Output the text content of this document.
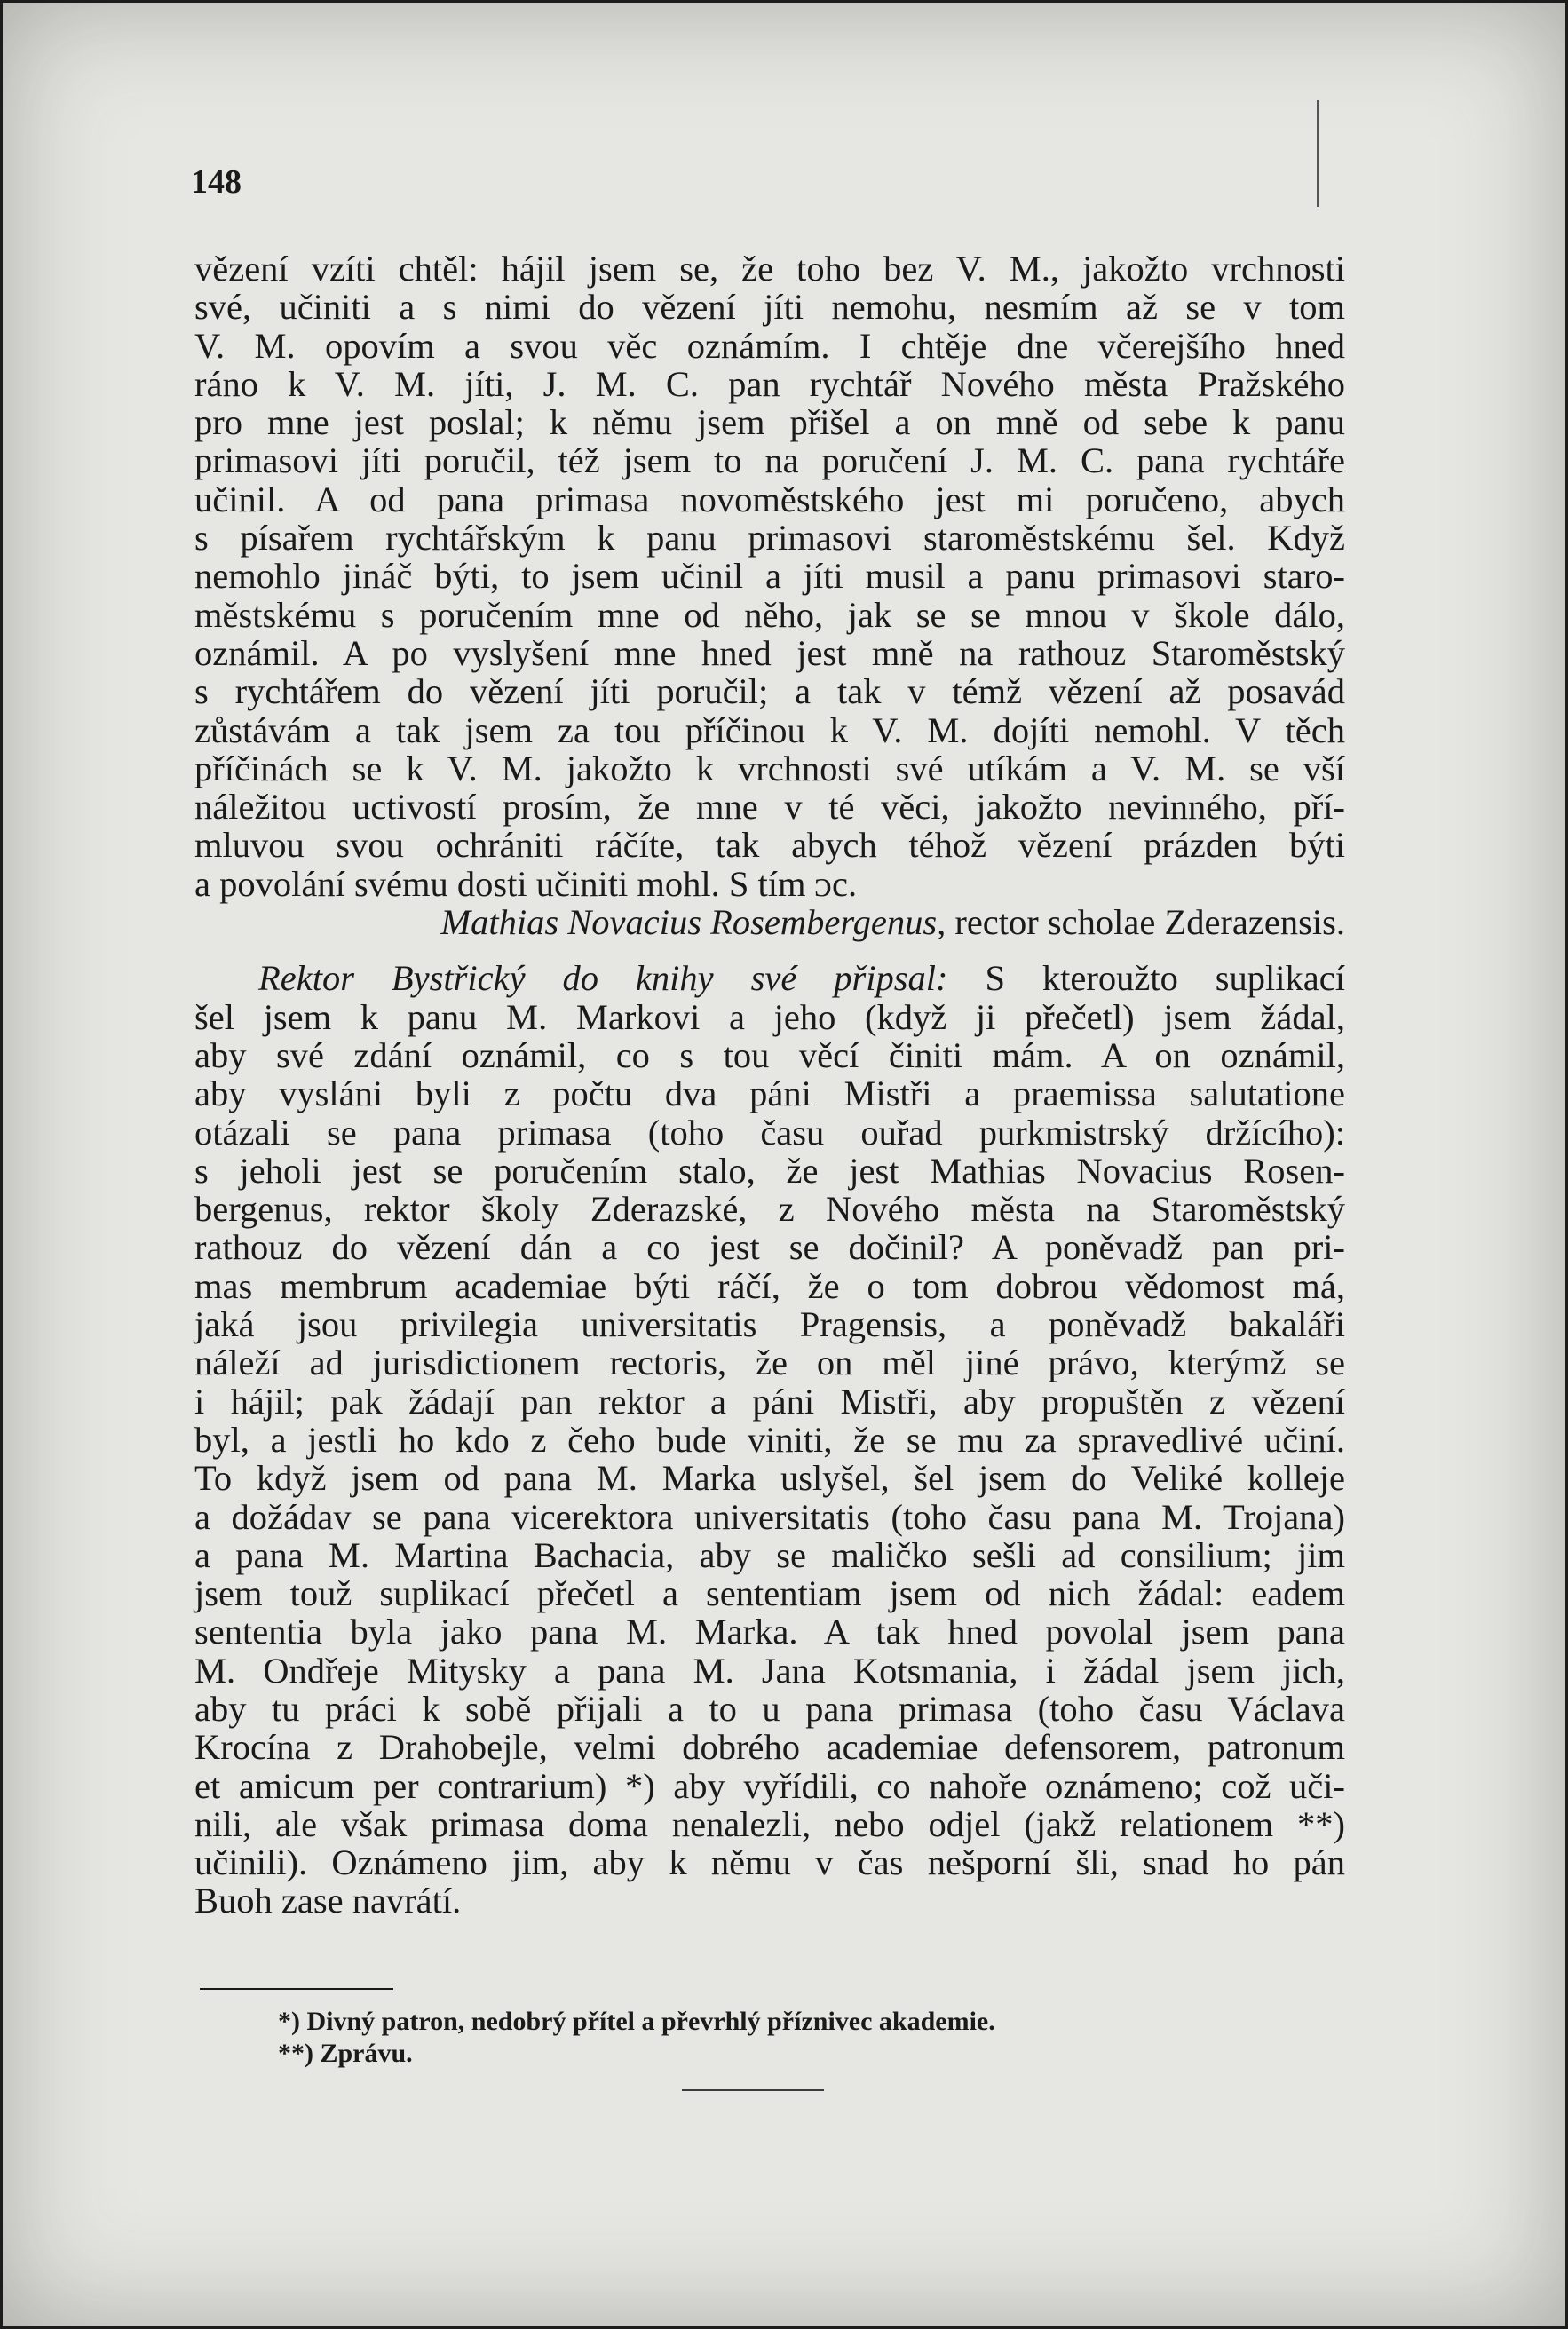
148
vězení vzíti chtěl: hájil jsem se, že toho bez V. M., jakožto vrchnosti
své, učiniti a s nimi do vězení jíti nemohu, nesmím až se v tom
V. M. opovím a svou věc oznámím. I chtěje dne včerejšího hned
ráno k V. M. jíti, J. M. C. pan rychtář Nového města Pražského
pro mne jest poslal; k němu jsem přišel a on mně od sebe k panu
primasovi jíti poručil, též jsem to na poručení J. M. C. pana rychtáře
učinil. A od pana primasa novoměstského jest mi poručeno, abych
s písařem rychtářským k panu primasovi staroměstskému šel. Když
nemohlo jináč býti, to jsem učinil a jíti musil a panu primasovi staro-
městskému s poručením mne od něho, jak se se mnou v škole dálo,
oznámil. A po vyslyšení mne hned jest mně na rathouz Staroměstský
s rychtářem do vězení jíti poručil; a tak v témž vězení až posavád
zůstávám a tak jsem za tou příčinou k V. M. dojíti nemohl. V těch
příčinách se k V. M. jakožto k vrchnosti své utíkám a V. M. se vší
náležitou uctivostí prosím, že mne v té věci, jakožto nevinného, pří-
mluvou svou ochrániti ráčíte, tak abych téhož vězení prázden býti
a povolání svému dosti učiniti mohl. S tím ᴐc.
Mathias Novacius Rosembergenus, rector scholae Zderazensis.
Rektor Bystřický do knihy své připsal: S kteroužto suplikací
šel jsem k panu M. Markovi a jeho (když ji přečetl) jsem žádal,
aby své zdání oznámil, co s tou věcí činiti mám. A on oznámil,
aby vysláni byli z počtu dva páni Mistři a praemissa salutatione
otázali se pana primasa (toho času ouřad purkmistrský držícího):
s jeholi jest se poručením stalo, že jest Mathias Novacius Rosen-
bergenus, rektor školy Zderazské, z Nového města na Staroměstský
rathouz do vězení dán a co jest se dočinil? A poněvadž pan pri-
mas membrum academiae býti ráčí, že o tom dobrou vědomost má,
jaká jsou privilegia universitatis Pragensis, a poněvadž bakaláři
náleží ad jurisdictionem rectoris, že on měl jiné právo, kterýmž se
i hájil; pak žádají pan rektor a páni Mistři, aby propuštěn z vězení
byl, a jestli ho kdo z čeho bude viniti, že se mu za spravedlivé učiní.
To když jsem od pana M. Marka uslyšel, šel jsem do Veliké kolleje
a dožádav se pana vicerektora universitatis (toho času pana M. Trojana)
a pana M. Martina Bachacia, aby se maličko sešli ad consilium; jim
jsem touž suplikací přečetl a sententiam jsem od nich žádal: eadem
sententia byla jako pana M. Marka. A tak hned povolal jsem pana
M. Ondřeje Mitysky a pana M. Jana Kotsmania, i žádal jsem jich,
aby tu práci k sobě přijali a to u pana primasa (toho času Václava
Krocína z Drahobejle, velmi dobrého academiae defensorem, patronum
et amicum per contrarium) *) aby vyřídili, co nahoře oznámeno; což uči-
nili, ale však primasa doma nenalezli, nebo odjel (jakž relationem **)
učinili). Oznámeno jim, aby k němu v čas nešporní šli, snad ho pán
Buoh zase navrátí.
*) Divný patron, nedobrý přítel a převrhlý příznivec akademie.
**) Zprávu.
